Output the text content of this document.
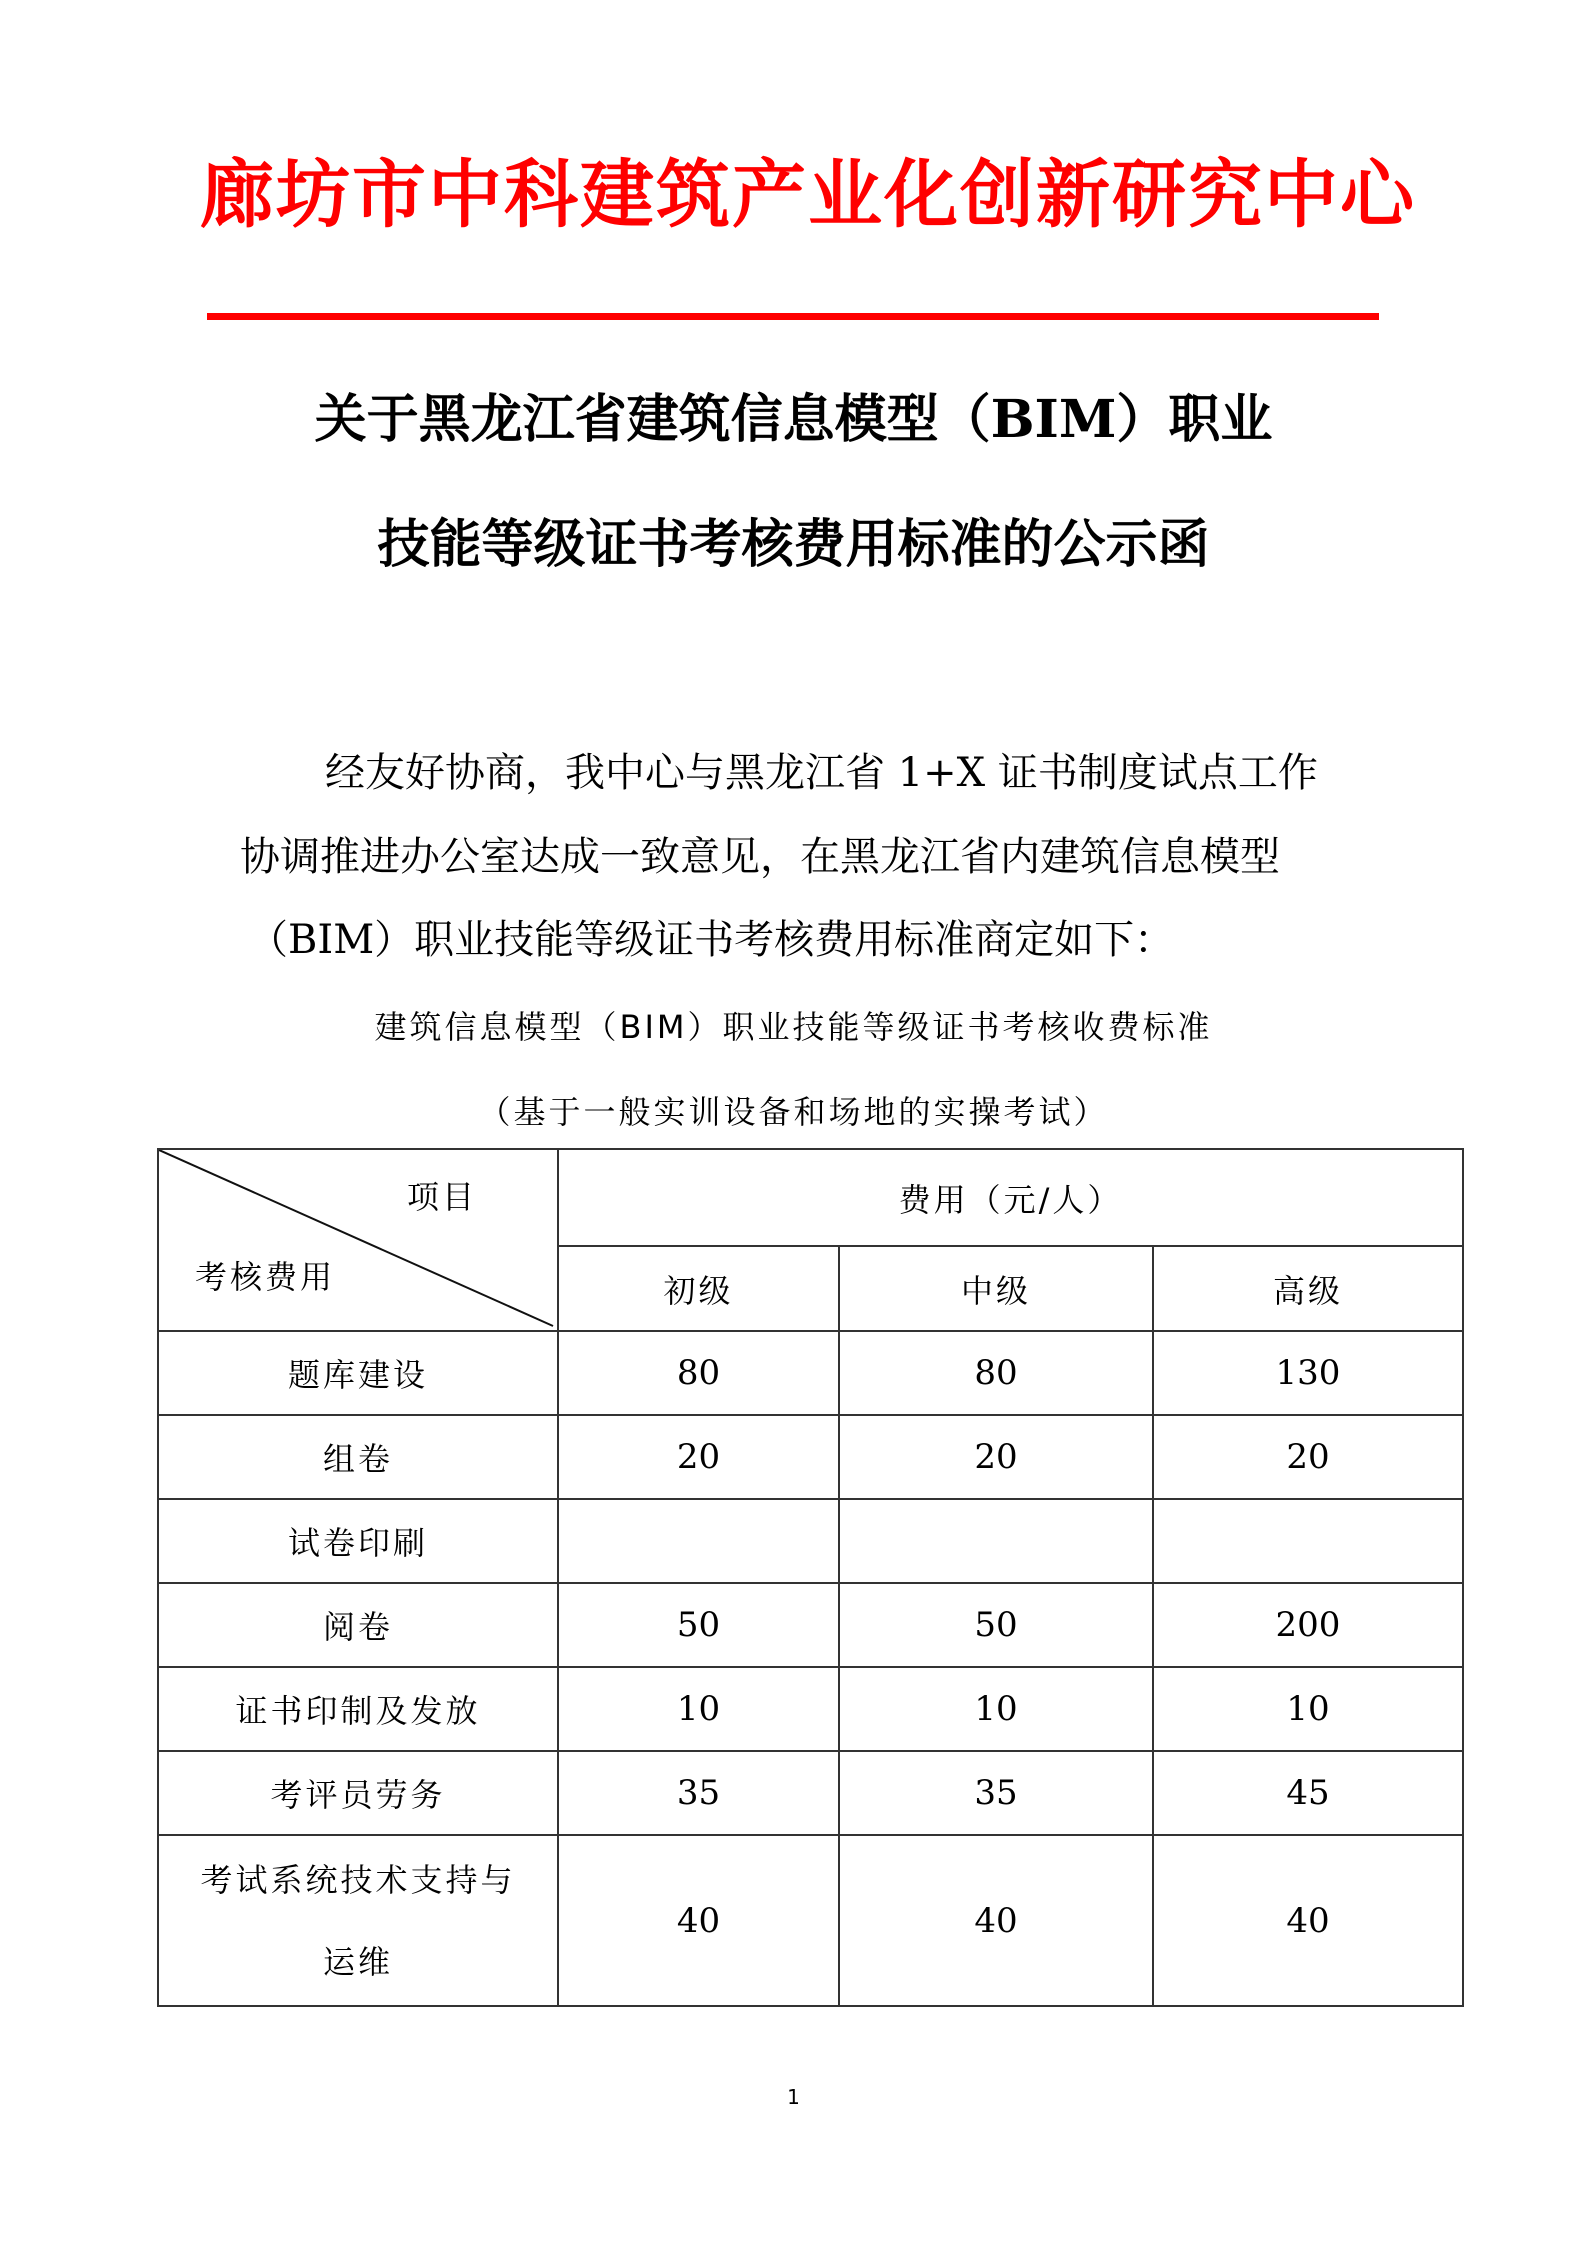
廊坊市中科建筑产业化创新研究中心
关于黑龙江省建筑信息模型（BIM）职业
技能等级证书考核费用标准的公示函
经友好协商，我中心与黑龙江省 1+X 证书制度试点工作
协调推进办公室达成一致意见，在黑龙江省内建筑信息模型
（BIM）职业技能等级证书考核费用标准商定如下：
建筑信息模型（BIM）职业技能等级证书考核收费标准
（基于一般实训设备和场地的实操考试）
项目
考核费用	费用（元/人）		
	初级	中级	高级
题库建设	80	80	130
组卷	20	20	20
试卷印刷			
阅卷	50	50	200
证书印制及发放	10	10	10
考评员劳务	35	35	45

考试系统技术支持与
运维	40	40	40
1
